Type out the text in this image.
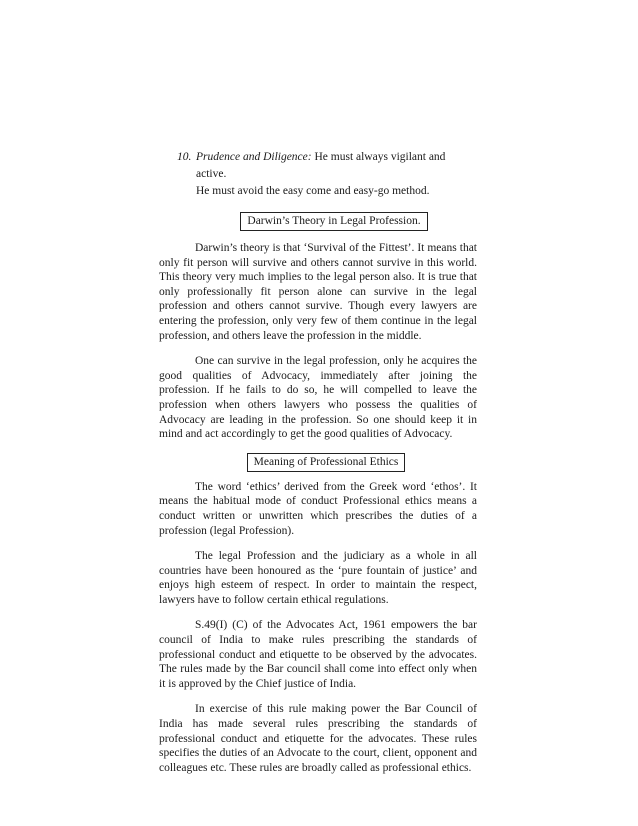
10. Prudence and Diligence: He must always vigilant and active.
He must avoid the easy come and easy-go method.
Darwin’s Theory in Legal Profession.

Darwin’s theory is that ‘Survival of the Fittest’. It means that only fit person will survive and others cannot survive in this world. This theory very much implies to the legal person also. It is true that only professionally fit person alone can survive in the legal profession and others cannot survive. Though every lawyers are entering the profession, only very few of them continue in the legal profession, and others leave the profession in the middle.

One can survive in the legal profession, only he acquires the good qualities of Advocacy, immediately after joining the profession. If he fails to do so, he will compelled to leave the profession when others lawyers who possess the qualities of Advocacy are leading in the profession. So one should keep it in mind and act accordingly to get the good qualities of Advocacy.

Meaning of Professional Ethics

The word ‘ethics’ derived from the Greek word ‘ethos’. It means the habitual mode of conduct Professional ethics means a conduct written or unwritten which prescribes the duties of a profession (legal Profession).

The legal Profession and the judiciary as a whole in all countries have been honoured as the ‘pure fountain of justice’ and enjoys high esteem of respect. In order to maintain the respect, lawyers have to follow certain ethical regulations.

S.49(I) (C) of the Advocates Act, 1961 empowers the bar council of India to make rules prescribing the standards of professional conduct and etiquette to be observed by the advocates. The rules made by the Bar council shall come into effect only when it is approved by the Chief justice of India.

In exercise of this rule making power the Bar Council of India has made several rules prescribing the standards of professional conduct and etiquette for the advocates. These rules specifies the duties of an Advocate to the court, client, opponent and colleagues etc. These rules are broadly called as professional ethics.
